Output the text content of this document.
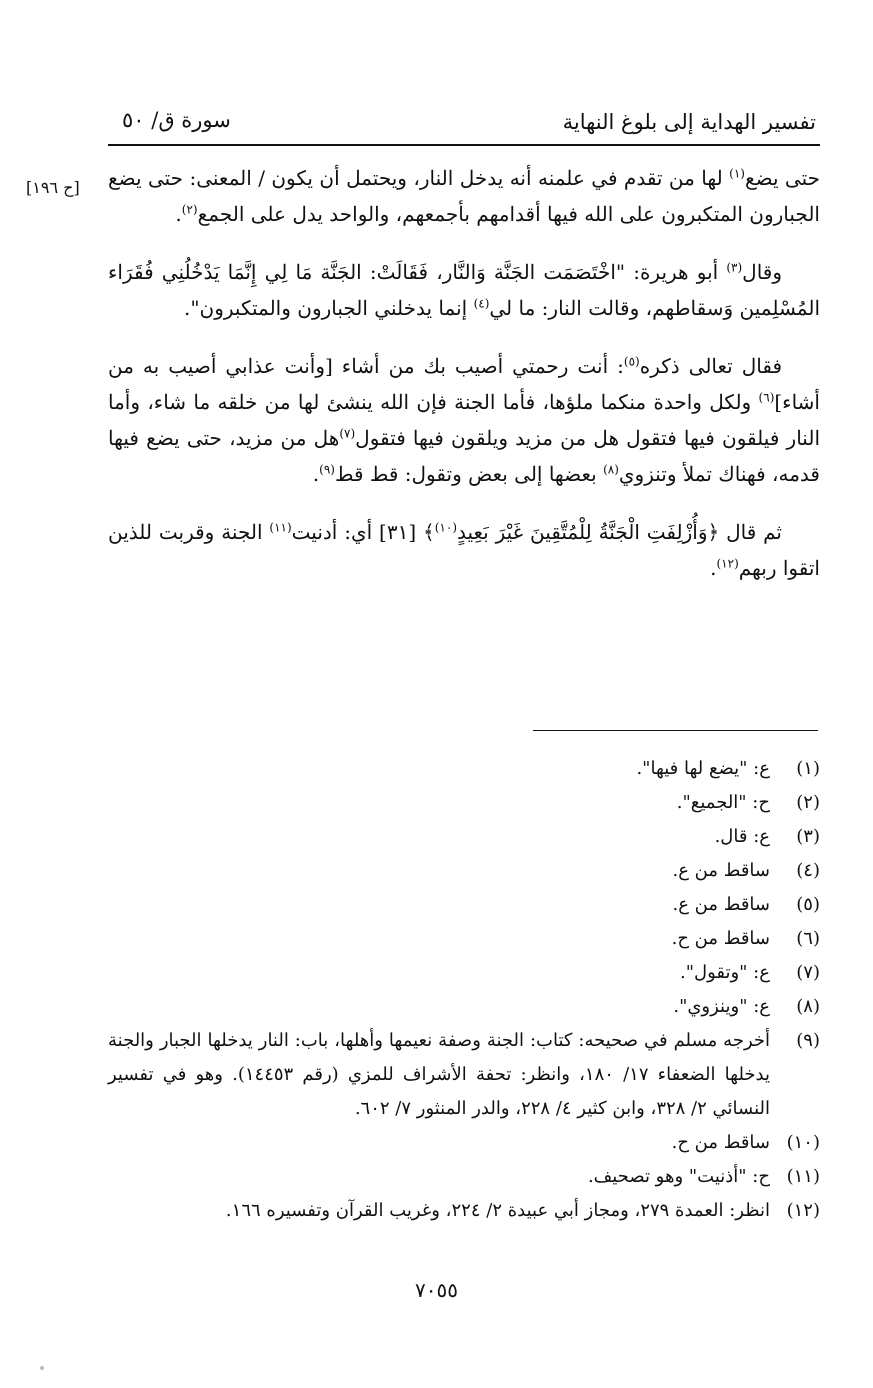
تفسير الهداية إلى بلوغ النهاية
سورة ق/ ٥٠
[ح ١٩٦]	حتى يضع$^{(١)}$ لها من تقدم في علمنه أنه يدخل النار، ويحتمل أن يكون / المعنى: حتى يضع الجبارون المتكبرون على الله فيها أقدامهم بأجمعهم، والواحد يدل على الجمع$^{(٢)}$.

وقال$^{(٣)}$ أبو هريرة: "اخْتَصَمَت الجَنَّة وَالنَّار، فَقَالَتْ: الجَنَّة مَا لِي إِنَّمَا يَدْخُلُنِي فُقَرَاء المُسْلِمين وَسقاطهم، وقالت النار: ما لي$^{(٤)}$ إنما يدخلني الجبارون والمتكبرون".

فقال تعالى ذكره$^{(٥)}$: أنت رحمتي أصيب بك من أشاء [وأنت عذابي أصيب به من أشاء]$^{(٦)}$ ولكل واحدة منكما ملؤها، فأما الجنة فإن الله ينشئ لها من خلقه ما شاء، وأما النار فيلقون فيها فتقول هل من مزيد ويلقون فيها فتقول$^{(٧)}$هل من مزيد، حتى يضع فيها قدمه، فهناك تملأ وتنزوي$^{(٨)}$ بعضها إلى بعض وتقول: قط قط$^{(٩)}$.

ثم قال ﴿وَأُزْلِفَتِ الْجَنَّةُ لِلْمُتَّقِينَ غَيْرَ بَعِيدٍ$^{(١٠)}$﴾ [٣١] أي: أدنيت$^{(١١)}$ الجنة وقربت للذين اتقوا ربهم$^{(١٢)}$.

(١)
ع: "يضع لها فيها".
(٢)
ح: "الجميع".
(٣)
ع: قال.
(٤)
ساقط من ع.
(٥)
ساقط من ع.
(٦)
ساقط من ح.
(٧)
ع: "وتقول".
(٨)
ع: "وينزوي".
(٩)
أخرجه مسلم في صحيحه: كتاب: الجنة وصفة نعيمها وأهلها، باب: النار يدخلها الجبار والجنة يدخلها الضعفاء ١٧/ ١٨٠، وانظر: تحفة الأشراف للمزي (رقم ١٤٤٥٣). وهو في تفسير النسائي ٢/ ٣٢٨، وابن كثير ٤/ ٢٢٨، والدر المنثور ٧/ ٦٠٢.
(١٠)
ساقط من ح.
(١١)
ح: "أذنيت" وهو تصحيف.
(١٢)
انظر: العمدة ٢٧٩، ومجاز أبي عبيدة ٢/ ٢٢٤، وغريب القرآن وتفسيره ١٦٦.
٧٠٥٥
